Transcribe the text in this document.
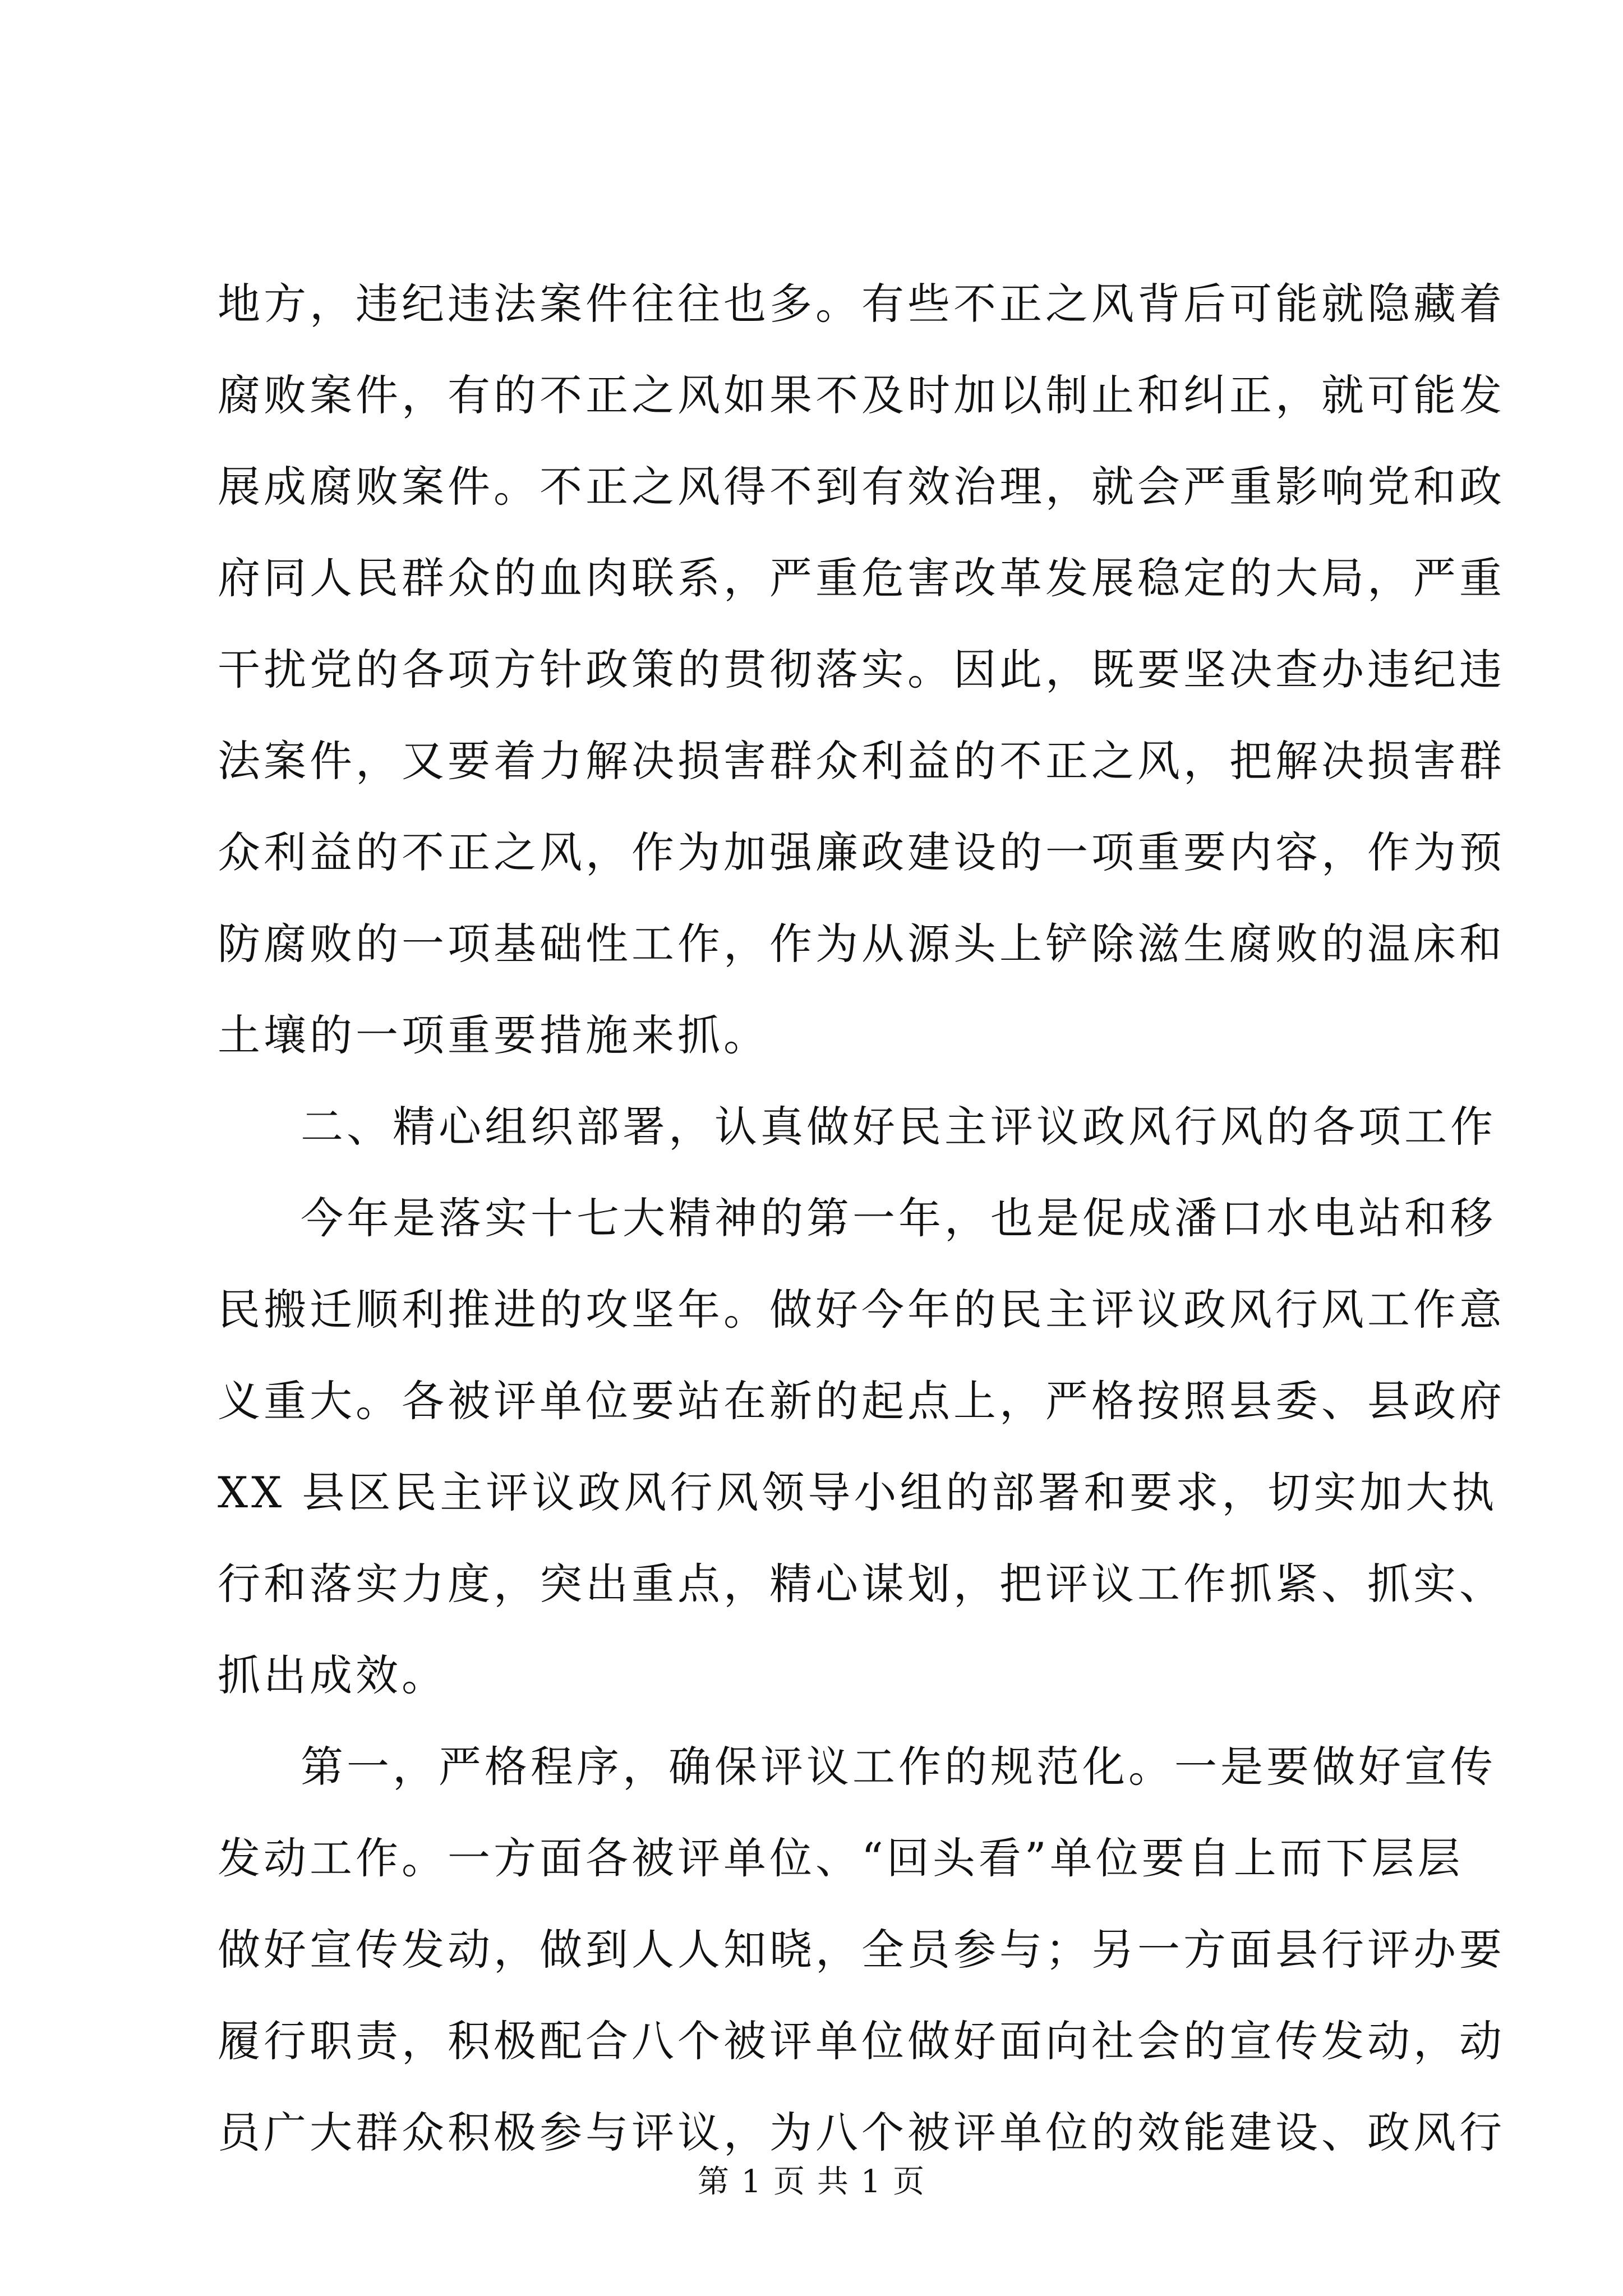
地方，违纪违法案件往往也多。有些不正之风背后可能就隐藏着
腐败案件，有的不正之风如果不及时加以制止和纠正，就可能发
展成腐败案件。不正之风得不到有效治理，就会严重影响党和政
府同人民群众的血肉联系，严重危害改革发展稳定的大局，严重
干扰党的各项方针政策的贯彻落实。因此，既要坚决查办违纪违
法案件，又要着力解决损害群众利益的不正之风，把解决损害群
众利益的不正之风，作为加强廉政建设的一项重要内容，作为预
防腐败的一项基础性工作，作为从源头上铲除滋生腐败的温床和
土壤的一项重要措施来抓。
二、精心组织部署，认真做好民主评议政风行风的各项工作
今年是落实十七大精神的第一年，也是促成潘口水电站和移
民搬迁顺利推进的攻坚年。做好今年的民主评议政风行风工作意
义重大。各被评单位要站在新的起点上，严格按照县委、县政府
XX 县区民主评议政风行风领导小组的部署和要求，切实加大执
行和落实力度，突出重点，精心谋划，把评议工作抓紧、抓实、
抓出成效。
第一，严格程序，确保评议工作的规范化。一是要做好宣传
发动工作。一方面各被评单位、“回头看”单位要自上而下层层
做好宣传发动，做到人人知晓，全员参与；另一方面县行评办要
履行职责，积极配合八个被评单位做好面向社会的宣传发动，动
员广大群众积极参与评议，为八个被评单位的效能建设、政风行
第 1 页 共 1 页
